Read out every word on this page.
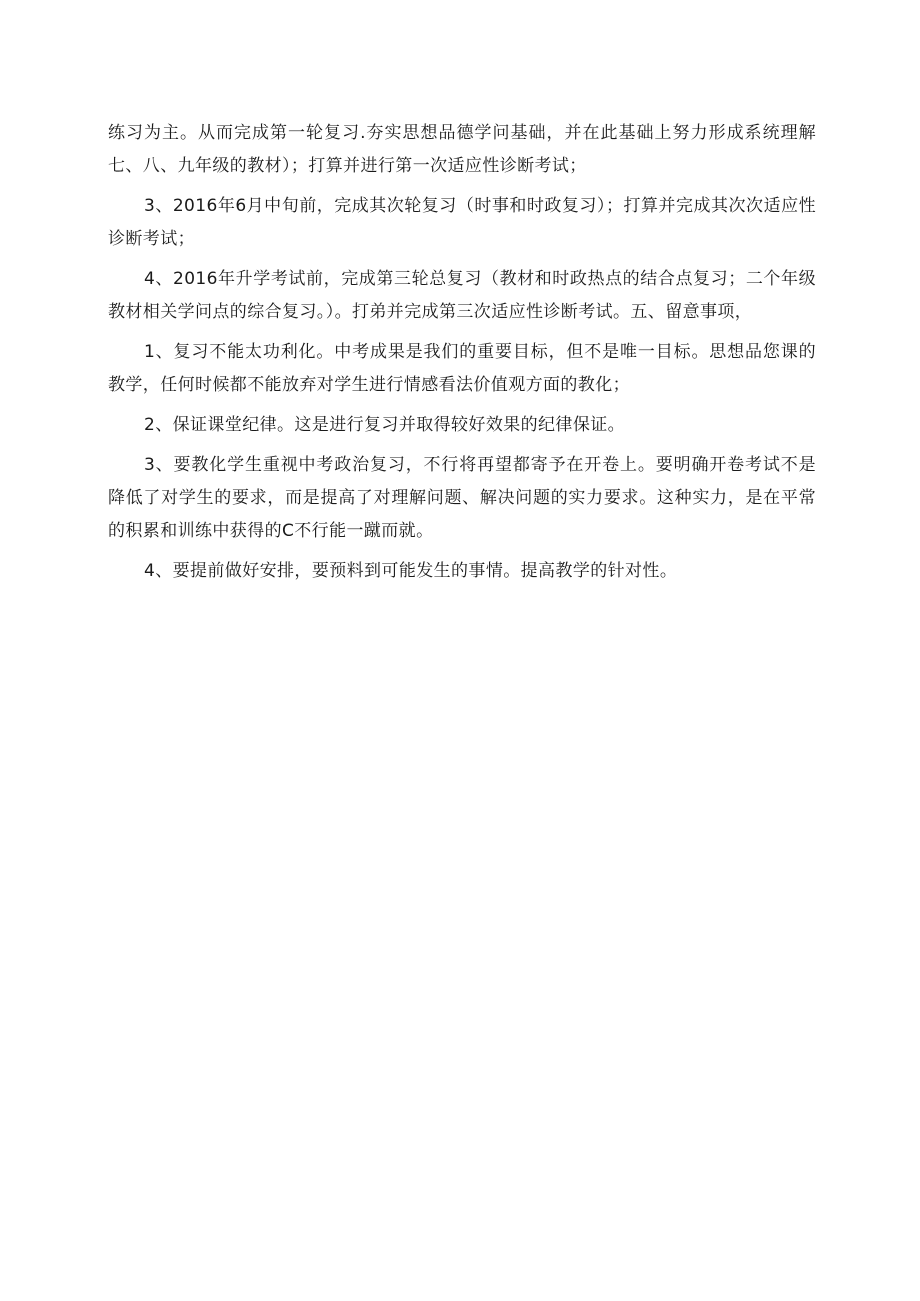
练习为主。从而完成第一轮复习.夯实思想品德学问基础，并在此基础上努力形成系统理解七、八、九年级的教材）；打算并进行第一次适应性诊断考试；

3、2016年6月中旬前，完成其次轮复习（时事和时政复习）；打算并完成其次次适应性诊断考试；

4、2016年升学考试前，完成第三轮总复习（教材和时政热点的结合点复习；二个年级教材相关学问点的综合复习。）。打弟并完成第三次适应性诊断考试。五、留意事项，

1、复习不能太功利化。中考成果是我们的重要目标，但不是唯一目标。思想品您课的教学，任何时候都不能放弃对学生进行情感看法价值观方面的教化；

2、保证课堂纪律。这是进行复习并取得较好效果的纪律保证。

3、要教化学生重视中考政治复习，不行将再望都寄予在开卷上。要明确开卷考试不是降低了对学生的要求，而是提高了对理解问题、解决问题的实力要求。这种实力，是在平常的积累和训练中获得的C不行能一蹴而就。

4、要提前做好安排，要预料到可能发生的事情。提高教学的针对性。
